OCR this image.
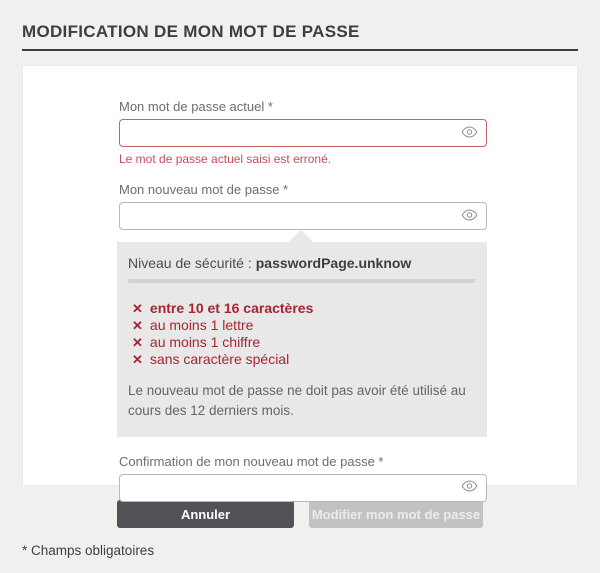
MODIFICATION DE MON MOT DE PASSE
Mon mot de passe actuel *
Le mot de passe actuel saisi est erroné.
Mon nouveau mot de passe *
Niveau de sécurité : passwordPage.unknow
✕ entre 10 et 16 caractères
✕ au moins 1 lettre
✕ au moins 1 chiffre
✕ sans caractère spécial
Le nouveau mot de passe ne doit pas avoir été utilisé au cours des 12 derniers mois.
Confirmation de mon nouveau mot de passe *
Annuler	Modifier mon mot de passe
* Champs obligatoires
